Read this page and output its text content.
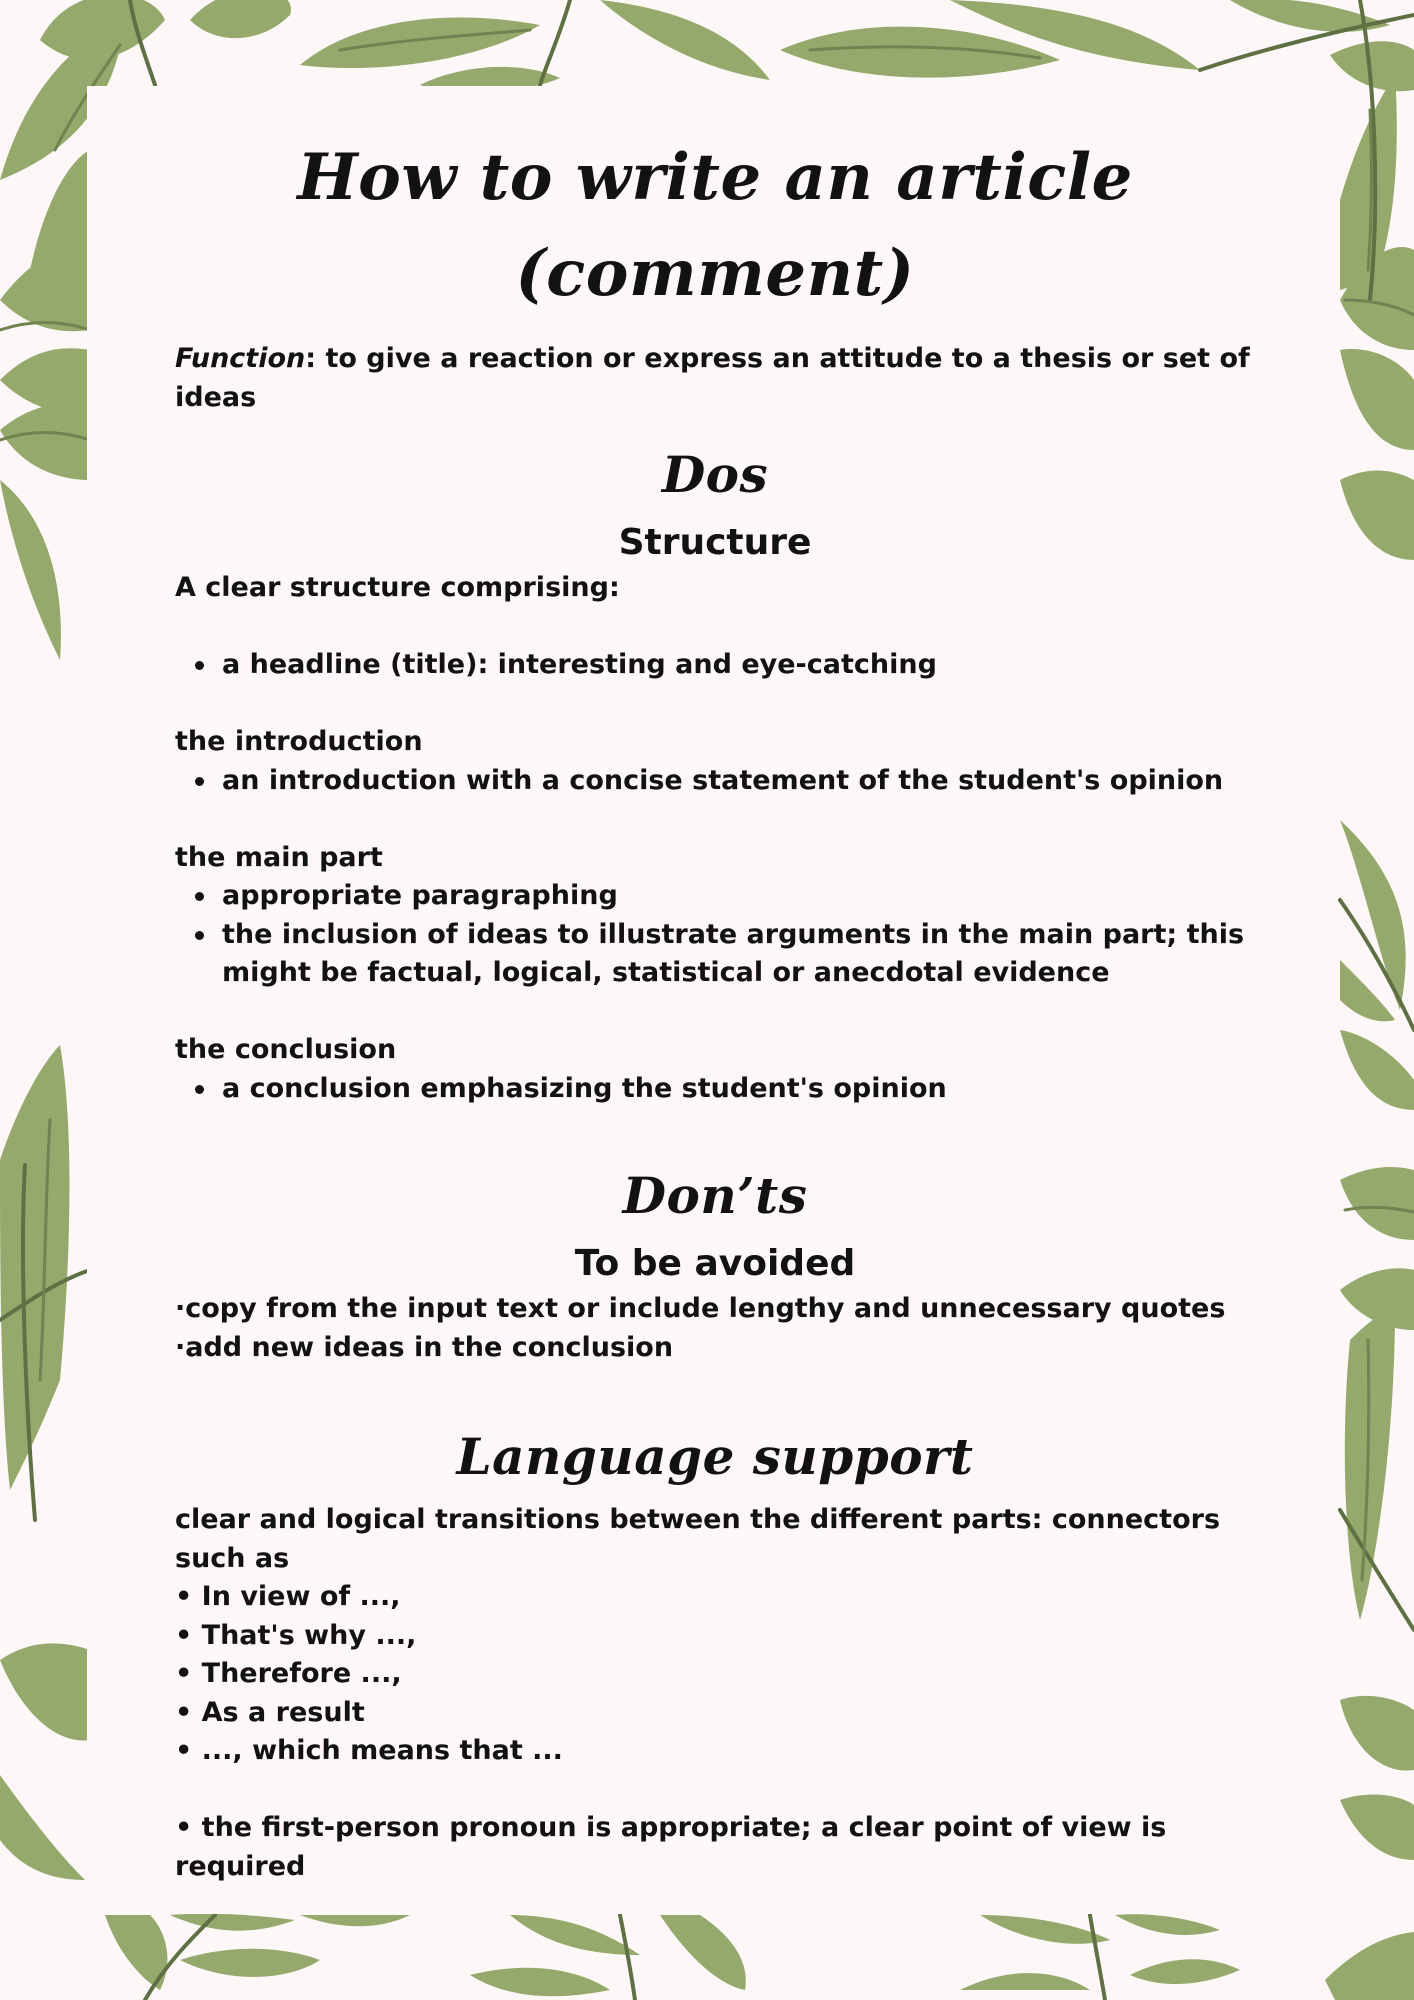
How to write an article (comment)

Function: to give a reaction or express an attitude to a thesis or set of ideas

Dos
Structure

A clear structure comprising:

a headline (title): interesting and eye-catching

the introduction

an introduction with a concise statement of the student's opinion

the main part

appropriate paragraphing
the inclusion of ideas to illustrate arguments in the main part; this might be factual, logical, statistical or anecdotal evidence

the conclusion

a conclusion emphasizing the student's opinion
Don’ts
To be avoided

·copy from the input text or include lengthy and unnecessary quotes

·add new ideas in the conclusion

Language support

clear and logical transitions between the different parts: connectors such as

• In view of ...,

• That's why ...,

• Therefore ...,

• As a result

• ..., which means that ...

• the first-person pronoun is appropriate; a clear point of view is required
